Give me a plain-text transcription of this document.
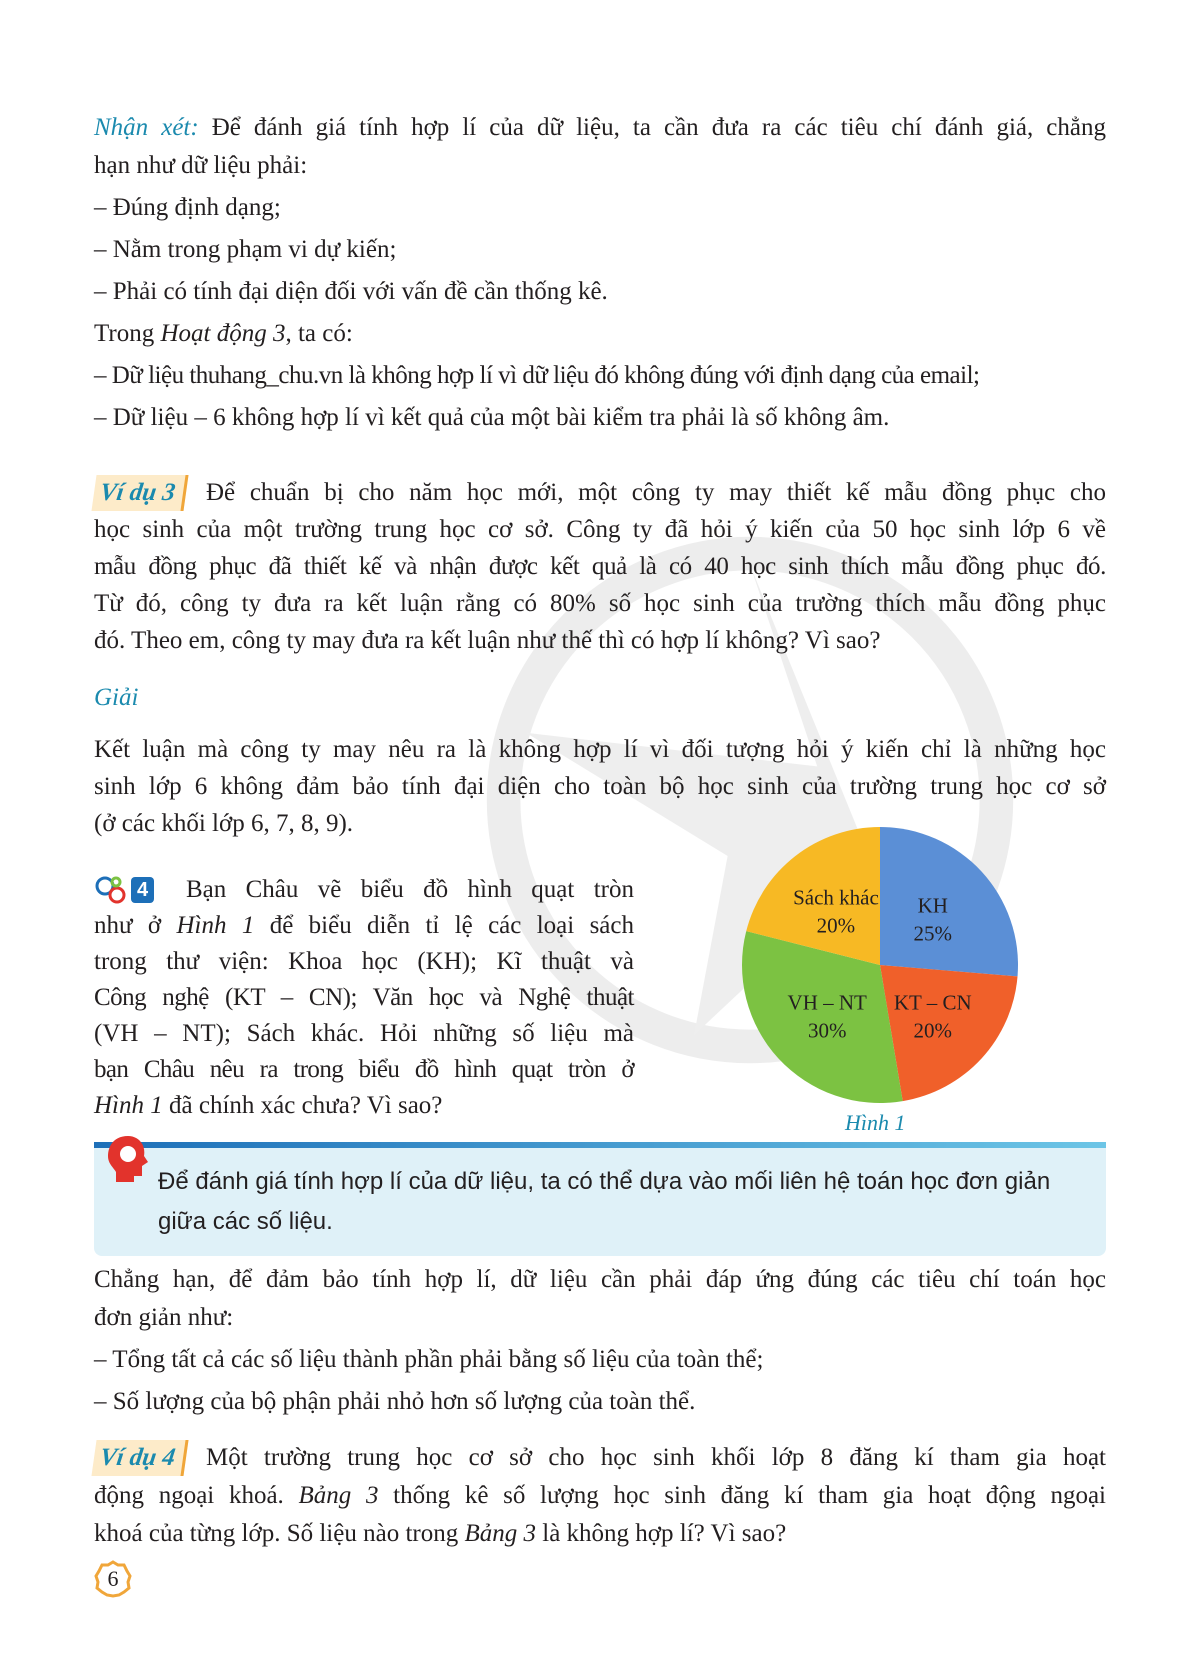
Nhận xét: Để đánh giá tính hợp lí của dữ liệu, ta cần đưa ra các tiêu chí đánh giá, chẳng
hạn như dữ liệu phải:
– Đúng định dạng;
– Nằm trong phạm vi dự kiến;
– Phải có tính đại diện đối với vấn đề cần thống kê.
Trong Hoạt động 3, ta có:
– Dữ liệu thuhang_chu.vn là không hợp lí vì dữ liệu đó không đúng với định dạng của email;
– Dữ liệu – 6 không hợp lí vì kết quả của một bài kiểm tra phải là số không âm.
Để chuẩn bị cho năm học mới, một công ty may thiết kế mẫu đồng phục cho
Ví dụ 3
học sinh của một trường trung học cơ sở. Công ty đã hỏi ý kiến của 50 học sinh lớp 6 về
mẫu đồng phục đã thiết kế và nhận được kết quả là có 40 học sinh thích mẫu đồng phục đó.
Từ đó, công ty đưa ra kết luận rằng có 80% số học sinh của trường thích mẫu đồng phục
đó. Theo em, công ty may đưa ra kết luận như thế thì có hợp lí không? Vì sao?
Giải
Kết luận mà công ty may nêu ra là không hợp lí vì đối tượng hỏi ý kiến chỉ là những học
sinh lớp 6 không đảm bảo tính đại diện cho toàn bộ học sinh của trường trung học cơ sở
(ở các khối lớp 6, 7, 8, 9).
Bạn Châu vẽ biểu đồ hình quạt tròn
4
như ở Hình 1 để biểu diễn tỉ lệ các loại sách
trong thư viện: Khoa học (KH); Kĩ thuật và
Công nghệ (KT – CN); Văn học và Nghệ thuật
(VH – NT); Sách khác. Hỏi những số liệu mà
bạn Châu nêu ra trong biểu đồ hình quạt tròn ở
Hình 1 đã chính xác chưa? Vì sao?
KH
25%
KT – CN
20%
VH – NT
30%
Sách khác
20%
Hình 1
Để đánh giá tính hợp lí của dữ liệu, ta có thể dựa vào mối liên hệ toán học đơn giản
giữa các số liệu.
Chẳng hạn, để đảm bảo tính hợp lí, dữ liệu cần phải đáp ứng đúng các tiêu chí toán học
đơn giản như:
– Tổng tất cả các số liệu thành phần phải bằng số liệu của toàn thể;
– Số lượng của bộ phận phải nhỏ hơn số lượng của toàn thể.
Một trường trung học cơ sở cho học sinh khối lớp 8 đăng kí tham gia hoạt
Ví dụ 4
động ngoại khoá. Bảng 3 thống kê số lượng học sinh đăng kí tham gia hoạt động ngoại
khoá của từng lớp. Số liệu nào trong Bảng 3 là không hợp lí? Vì sao?
6
